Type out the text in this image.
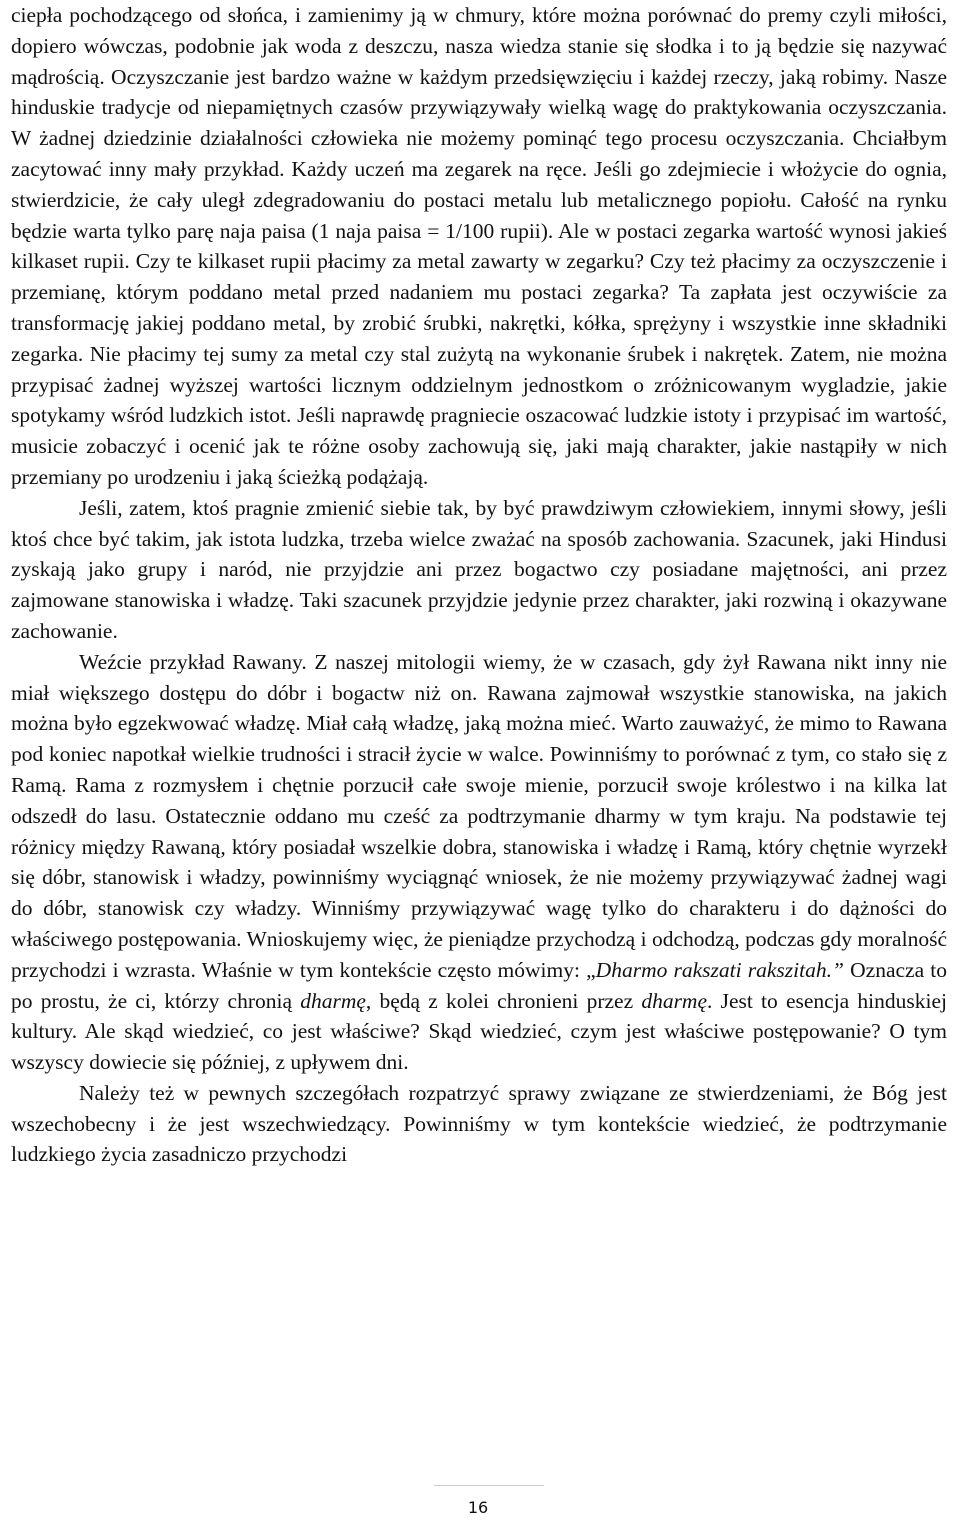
ciepła pochodzącego od słońca, i zamienimy ją w chmury, które można porównać do premy czyli miłości, dopiero wówczas, podobnie jak woda z deszczu, nasza wiedza stanie się słodka i to ją będzie się nazywać mądrością. Oczyszczanie jest bardzo ważne w każdym przedsięwzięciu i każdej rzeczy, jaką robimy. Nasze hinduskie tradycje od niepamiętnych czasów przywiązywały wielką wagę do praktykowania oczyszczania. W żadnej dziedzinie działalności człowieka nie możemy pominąć tego procesu oczyszczania. Chciałbym zacytować inny mały przykład. Każdy uczeń ma zegarek na ręce. Jeśli go zdejmiecie i włożycie do ognia, stwierdzicie, że cały uległ zdegradowaniu do postaci metalu lub metalicznego popiołu. Całość na rynku będzie warta tylko parę naja paisa (1 naja paisa = 1/100 rupii). Ale w postaci zegarka wartość wynosi jakieś kilkaset rupii. Czy te kilkaset rupii płacimy za metal zawarty w zegarku? Czy też płacimy za oczyszczenie i przemianę, którym poddano metal przed nadaniem mu postaci zegarka? Ta zapłata jest oczywiście za transformację jakiej poddano metal, by zrobić śrubki, nakrętki, kółka, sprężyny i wszystkie inne składniki zegarka. Nie płacimy tej sumy za metal czy stal zużytą na wykonanie śrubek i nakrętek. Zatem, nie można przypisać żadnej wyższej wartości licznym oddzielnym jednostkom o zróżnicowanym wygladzie, jakie spotykamy wśród ludzkich istot. Jeśli naprawdę pragniecie oszacować ludzkie istoty i przypisać im wartość, musicie zobaczyć i ocenić jak te różne osoby zachowują się, jaki mają charakter, jakie nastąpiły w nich przemiany po urodzeniu i jaką ścieżką podążają.

Jeśli, zatem, ktoś pragnie zmienić siebie tak, by być prawdziwym człowiekiem, innymi słowy, jeśli ktoś chce być takim, jak istota ludzka, trzeba wielce zważać na sposób zachowania. Szacunek, jaki Hindusi zyskają jako grupy i naród, nie przyjdzie ani przez bogactwo czy posiadane majętności, ani przez zajmowane stanowiska i władzę. Taki szacunek przyjdzie jedynie przez charakter, jaki rozwiną i okazywane zachowanie.

Weźcie przykład Rawany. Z naszej mitologii wiemy, że w czasach, gdy żył Rawana nikt inny nie miał większego dostępu do dóbr i bogactw niż on. Rawana zajmował wszystkie stanowiska, na jakich można było egzekwować władzę. Miał całą władzę, jaką można mieć. Warto zauważyć, że mimo to Rawana pod koniec napotkał wielkie trudności i stracił życie w walce. Powinniśmy to porównać z tym, co stało się z Ramą. Rama z rozmysłem i chętnie porzucił całe swoje mienie, porzucił swoje królestwo i na kilka lat odszedł do lasu. Ostatecznie oddano mu cześć za podtrzymanie dharmy w tym kraju. Na podstawie tej różnicy między Rawaną, który posiadał wszelkie dobra, stanowiska i władzę i Ramą, który chętnie wyrzekł się dóbr, stanowisk i władzy, powinniśmy wyciągnąć wniosek, że nie możemy przywiązywać żadnej wagi do dóbr, stanowisk czy władzy. Winniśmy przywiązywać wagę tylko do charakteru i do dążności do właściwego postępowania. Wnioskujemy więc, że pieniądze przychodzą i odchodzą, podczas gdy moralność przychodzi i wzrasta. Właśnie w tym kontekście często mówimy: „Dharmo rakszati rakszitah.” Oznacza to po prostu, że ci, którzy chronią dharmę, będą z kolei chronieni przez dharmę. Jest to esencja hinduskiej kultury. Ale skąd wiedzieć, co jest właściwe? Skąd wiedzieć, czym jest właściwe postępowanie? O tym wszyscy dowiecie się później, z upływem dni.

Należy też w pewnych szczegółach rozpatrzyć sprawy związane ze stwierdzeniami, że Bóg jest wszechobecny i że jest wszechwiedzący. Powinniśmy w tym kontekście wiedzieć, że podtrzymanie ludzkiego życia zasadniczo przychodzi

16
